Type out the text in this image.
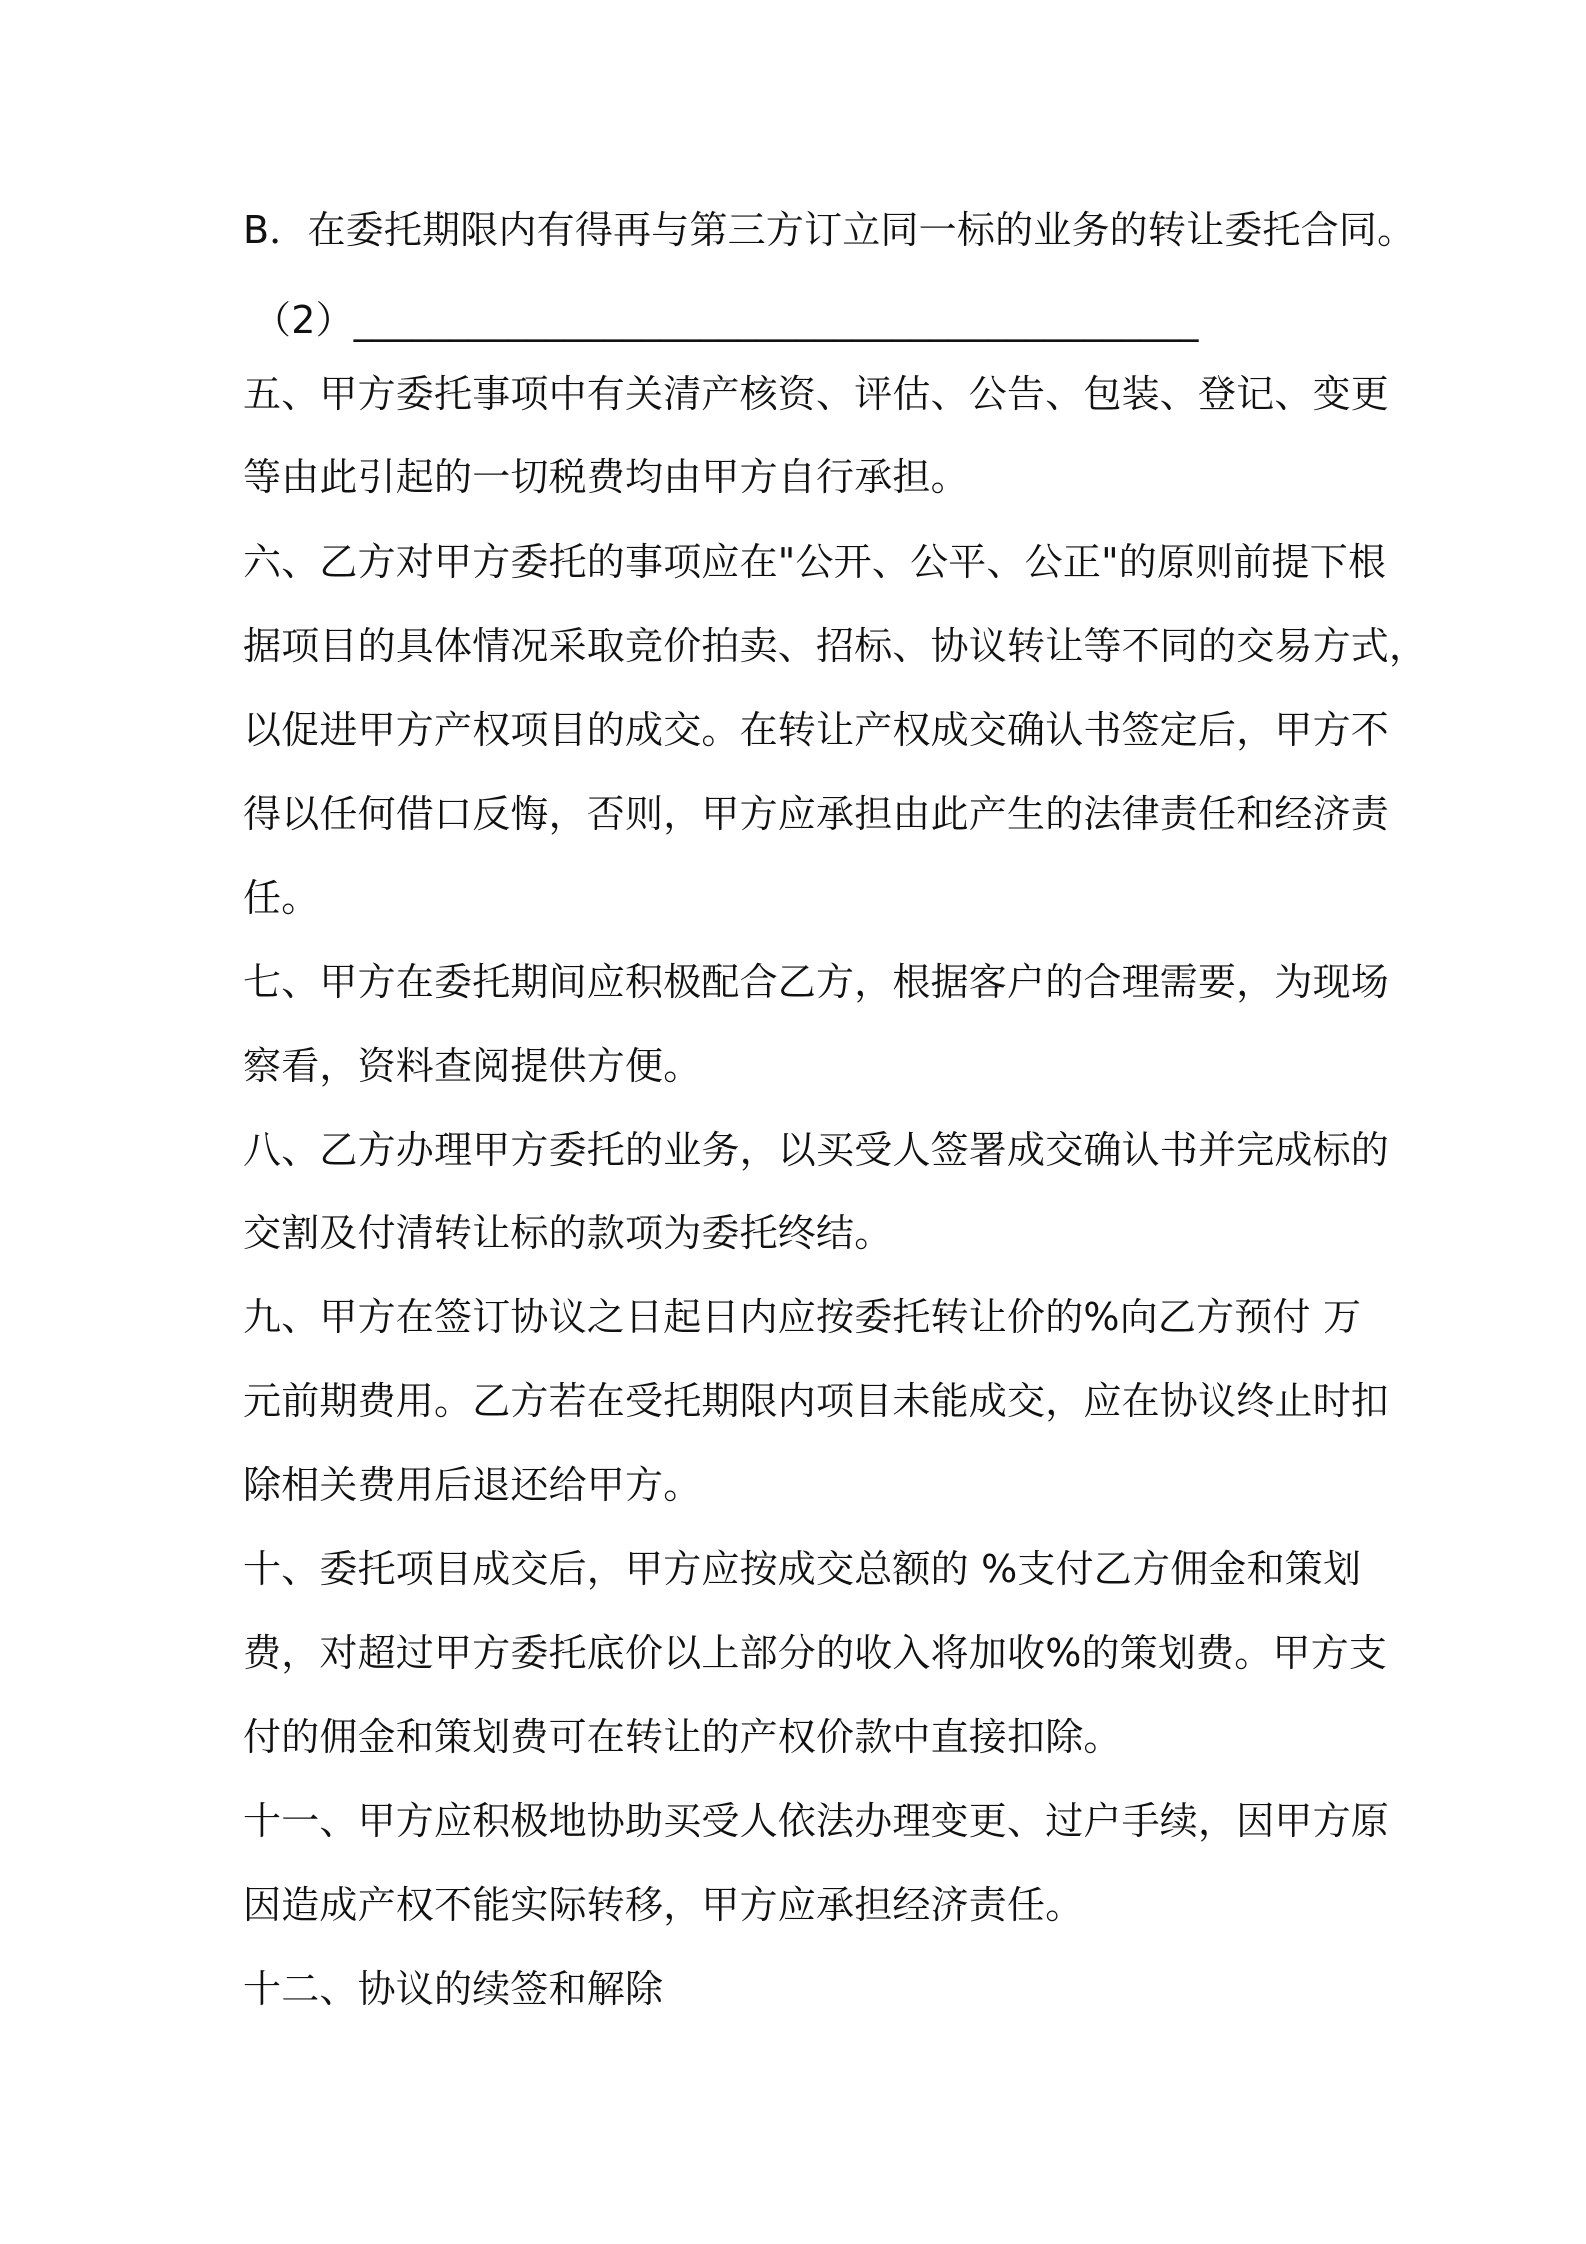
B．在委托期限内有得再与第三方订立同一标的业务的转让委托合同。
（2）____________________________________________
五、甲方委托事项中有关清产核资、评估、公告、包装、登记、变更
等由此引起的一切税费均由甲方自行承担。
六、乙方对甲方委托的事项应在"公开、公平、公正"的原则前提下根
据项目的具体情况采取竞价拍卖、招标、协议转让等不同的交易方式，
以促进甲方产权项目的成交。在转让产权成交确认书签定后，甲方不
得以任何借口反悔，否则，甲方应承担由此产生的法律责任和经济责
任。
七、甲方在委托期间应积极配合乙方，根据客户的合理需要，为现场
察看，资料查阅提供方便。
八、乙方办理甲方委托的业务，以买受人签署成交确认书并完成标的
交割及付清转让标的款项为委托终结。
九、甲方在签订协议之日起日内应按委托转让价的%向乙方预付 万
元前期费用。乙方若在受托期限内项目未能成交，应在协议终止时扣
除相关费用后退还给甲方。
十、委托项目成交后，甲方应按成交总额的 %支付乙方佣金和策划
费，对超过甲方委托底价以上部分的收入将加收%的策划费。甲方支
付的佣金和策划费可在转让的产权价款中直接扣除。
十一、甲方应积极地协助买受人依法办理变更、过户手续，因甲方原
因造成产权不能实际转移，甲方应承担经济责任。
十二、协议的续签和解除
